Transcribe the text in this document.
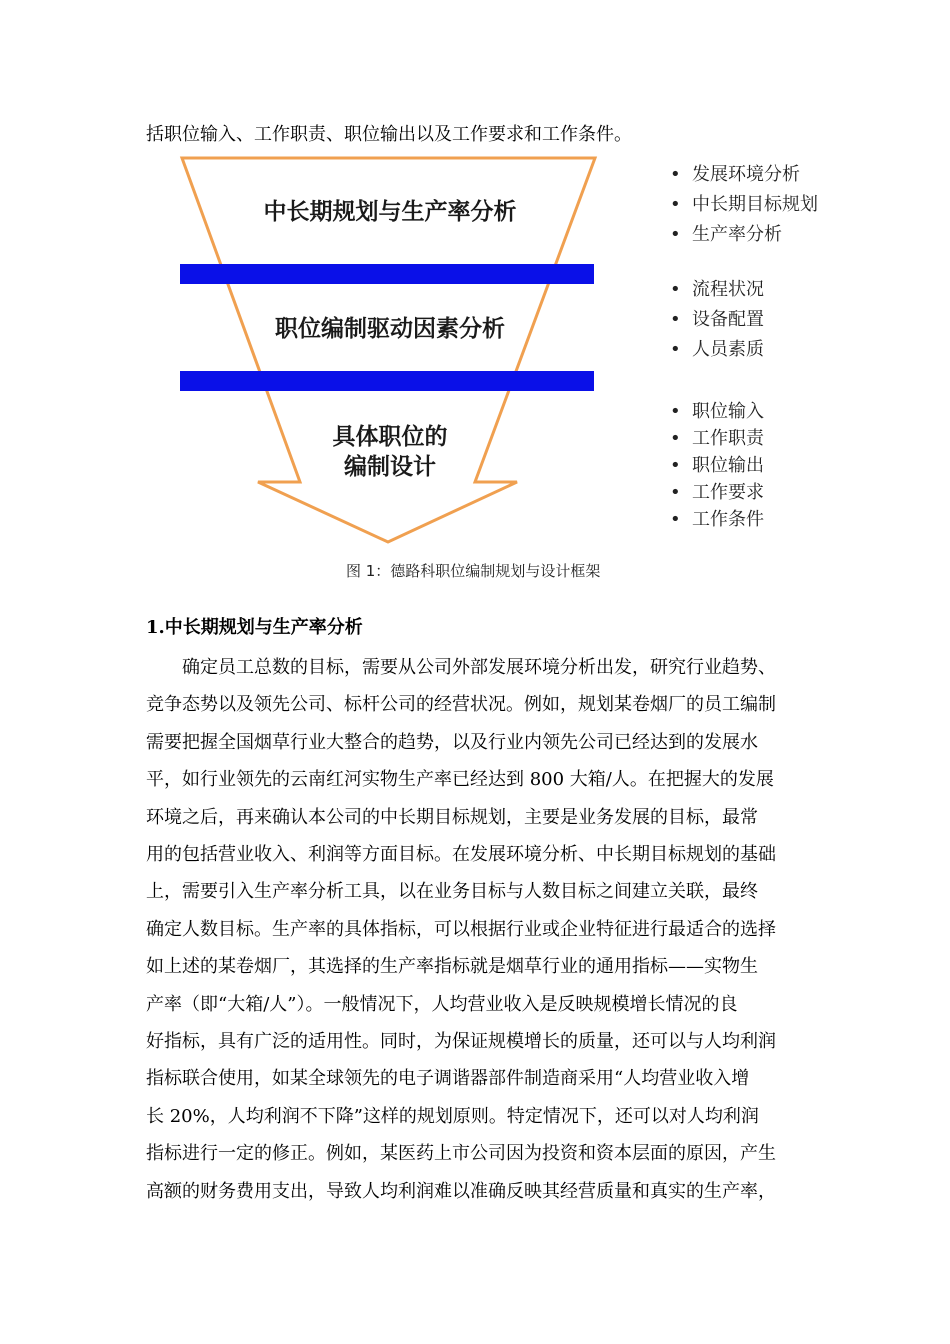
括职位输入、工作职责、职位输出以及工作要求和工作条件。
中长期规划与生产率分析
职位编制驱动因素分析
具体职位的
编制设计
• 发展环境分析
• 中长期目标规划
• 生产率分析
• 流程状况
• 设备配置
• 人员素质
• 职位输入
• 工作职责
• 职位输出
• 工作要求
• 工作条件
图 1：德路科职位编制规划与设计框架
1.中长期规划与生产率分析

确定员工总数的目标，需要从公司外部发展环境分析出发，研究行业趋势、

竞争态势以及领先公司、标杆公司的经营状况。例如，规划某卷烟厂的员工编制

需要把握全国烟草行业大整合的趋势，以及行业内领先公司已经达到的发展水

平，如行业领先的云南红河实物生产率已经达到 800 大箱/人。在把握大的发展

环境之后，再来确认本公司的中长期目标规划，主要是业务发展的目标，最常

用的包括营业收入、利润等方面目标。在发展环境分析、中长期目标规划的基础

上，需要引入生产率分析工具，以在业务目标与人数目标之间建立关联，最终

确定人数目标。生产率的具体指标，可以根据行业或企业特征进行最适合的选择

如上述的某卷烟厂，其选择的生产率指标就是烟草行业的通用指标——实物生

产率（即“大箱/人”）。一般情况下，人均营业收入是反映规模增长情况的良

好指标，具有广泛的适用性。同时，为保证规模增长的质量，还可以与人均利润

指标联合使用，如某全球领先的电子调谐器部件制造商采用“人均营业收入增

长 20%，人均利润不下降”这样的规划原则。特定情况下，还可以对人均利润

指标进行一定的修正。例如，某医药上市公司因为投资和资本层面的原因，产生

高额的财务费用支出，导致人均利润难以准确反映其经营质量和真实的生产率，
